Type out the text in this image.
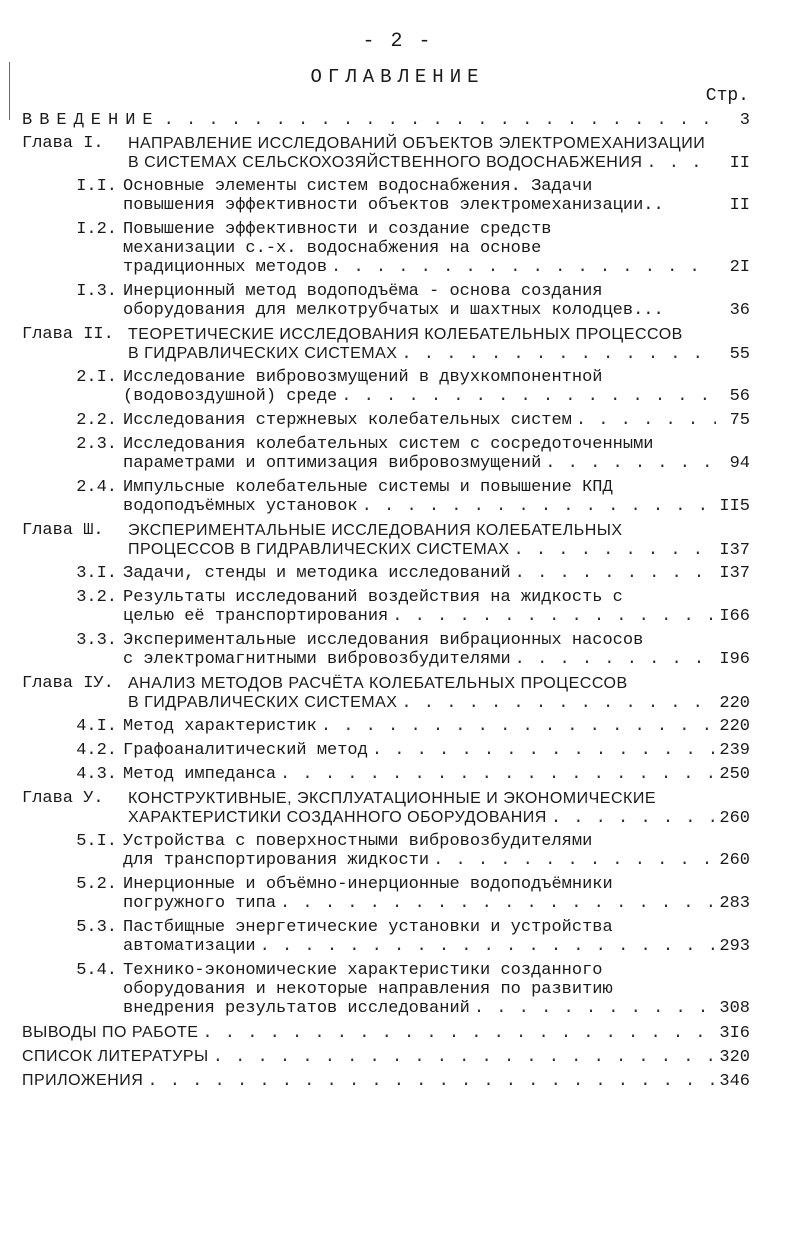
- 2 -
ОГЛАВЛЕНИЕ
Стр.
ВВЕДЕНИЕ . . .	3
Глава I.	НАПРАВЛЕНИЕ ИССЛЕДОВАНИЙ ОБЪЕКТОВ ЭЛЕКТРОМЕХАНИЗАЦИИ
В СИСТЕМАХ СЕЛЬСКОХОЗЯЙСТВЕННОГО ВОДОСНАБЖЕНИЯ . . .	II
I.I. Основные элементы систем водоснабжения. Задачи
повышения эффективности объектов электромеханизации..	II
I.2. Повышение эффективности и создание средств
механизации с.-х. водоснабжения на основе
традиционных методов . . .	2I
I.3. Инерционный метод водоподъёма - основа создания
оборудования для мелкотрубчатых и шахтных колодцев...	36
Глава II. ТЕОРЕТИЧЕСКИЕ ИССЛЕДОВАНИЯ КОЛЕБАТЕЛЬНЫХ ПРОЦЕССОВ
В ГИДРАВЛИЧЕСКИХ СИСТЕМАХ . . .	55
2.I. Исследование вибровозмущений в двухкомпонентной
(водовоздушной) среде . . .	56
2.2. Исследования стержневых колебательных систем . . .	75
2.3. Исследования колебательных систем с сосредоточенными
параметрами и оптимизация вибровозмущений . . .	94
2.4. Импульсные колебательные системы и повышение КПД
водоподъёмных установок . . .	II5
Глава Ш.	ЭКСПЕРИМЕНТАЛЬНЫЕ ИССЛЕДОВАНИЯ КОЛЕБАТЕЛЬНЫХ
ПРОЦЕССОВ В ГИДРАВЛИЧЕСКИХ СИСТЕМАХ . . .	I37
3.I. Задачи, стенды и методика исследований . . .	I37
3.2. Результаты исследований воздействия на жидкость с
целью её транспортирования . . .	I66
3.3. Экспериментальные исследования вибрационных насосов
с электромагнитными вибровозбудителями . . .	I96
Глава IУ. АНАЛИЗ МЕТОДОВ РАСЧЁТА КОЛЕБАТЕЛЬНЫХ ПРОЦЕССОВ
В ГИДРАВЛИЧЕСКИХ СИСТЕМАХ . . .	220
4.I. Метод характеристик . . .	220
4.2. Графоаналитический метод . . .	239
4.3. Метод импеданса . . .	250
Глава У.	КОНСТРУКТИВНЫЕ, ЭКСПЛУАТАЦИОННЫЕ И ЭКОНОМИЧЕСКИЕ
ХАРАКТЕРИСТИКИ СОЗДАННОГО ОБОРУДОВАНИЯ . . .	260
5.I. Устройства с поверхностными вибровозбудителями
для транспортирования жидкости . . .	260
5.2. Инерционные и объёмно-инерционные водоподъёмники
погружного типа . . .	283
5.3. Пастбищные энергетические установки и устройства
автоматизации . . .	293
5.4. Технико-экономические характеристики созданного
оборудования и некоторые направления по развитию
внедрения результатов исследований . . .	308
ВЫВОДЫ ПО РАБОТЕ . . .	3I6
СПИСОК ЛИТЕРАТУРЫ . . .	320
ПРИЛОЖЕНИЯ . . .	346
